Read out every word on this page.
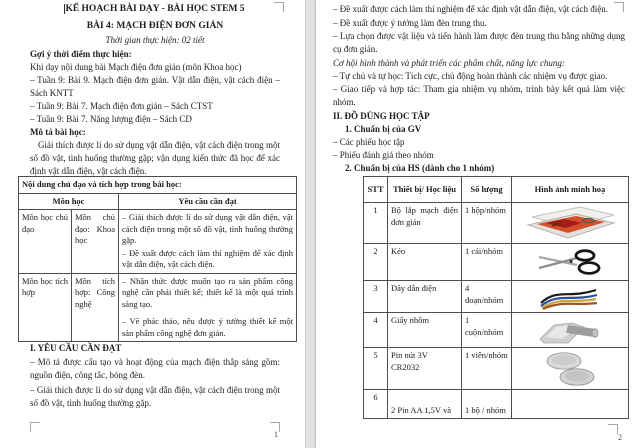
KẾ HOẠCH BÀI DẠY - BÀI HỌC STEM 5
BÀI 4: MẠCH ĐIỆN ĐƠN GIẢN
Thời gian thực hiện: 02 tiết
Gợi ý thời điểm thực hiện:
Khi dạy nội dung bài Mạch điện đơn giản (môn Khoa học)
– Tuần 9: Bài 9. Mạch điện đơn giản. Vật dẫn điện, vật cách điện – Sách KNTT
– Tuần 9: Bài 7. Mạch điện đơn giản – Sách CTST
– Tuần 9: Bài 7. Năng lượng điện – Sách CD
Mô tả bài học:
Giải thích được lí do sử dụng vật dẫn điện, vật cách điện trong một số đồ vật, tình huống thường gặp; vận dụng kiến thức đã học để xác định vật dẫn điện, vật cách điện.
Nội dung chủ đạo và tích hợp trong bài học:		
Môn học		Yêu cầu cần đạt
Môn học chủ đạo	Môn chủ đạo: Khoa học	– Giải thích được lí do sử dụng vật dẫn điện, vật cách điện trong một số đồ vật, tình huống thường gặp.

– Đề xuất được cách làm thí nghiệm để xác định vật dẫn điện, vật cách điện.

Môn học tích hợp	Môn tích hợp: Công nghệ	– Nhận thức được muốn tạo ra sản phẩm công nghệ cần phải thiết kế; thiết kế là một quá trình sáng tạo.

– Vẽ phác thảo, nêu được ý tưởng thiết kế một sản phẩm công nghệ đơn giản.

I. YÊU CẦU CẦN ĐẠT
– Mô tả được cấu tạo và hoạt động của mạch điện thắp sáng gồm: nguồn điện, công tắc, bóng đèn.
– Giải thích được lí do sử dụng vật dẫn điện, vật cách điện trong một số đồ vật, tình huống thường gặp.
1
– Đề xuất được cách làm thí nghiệm để xác định vật dẫn điện, vật cách điện.
– Đề xuất được ý tưởng làm đèn trung thu.
– Lựa chọn được vật liệu và tiến hành làm được đèn trung thu bằng những dụng cụ đơn giản.
Cơ hội hình thành và phát triển các phẩm chất, năng lực chung:
– Tự chủ và tự học: Tích cực, chủ động hoàn thành các nhiệm vụ được giao.
– Giao tiếp và hợp tác: Tham gia nhiệm vụ nhóm, trình bày kết quả làm việc nhóm.
II. ĐỒ DÙNG HỌC TẬP
1. Chuẩn bị của GV
– Các phiếu học tập
– Phiếu đánh giá theo nhóm
2. Chuẩn bị của HS (dành cho 1 nhóm)
STT	Thiết bị/ Học liệu	Số lượng	Hình ảnh minh hoạ
1	Bộ lắp mạch điện đơn giản	1 hộp/nhóm	
2	Kéo	1 cái/nhóm	
3	Dây dẫn điện	4 đoạn/nhóm	
4	Giấy nhôm	1 cuộn/nhóm	
5	Pin nút 3V CR2032	1 viên/nhóm	
6	2 Pin AA 1,5V và	1 bộ / nhóm	
2
